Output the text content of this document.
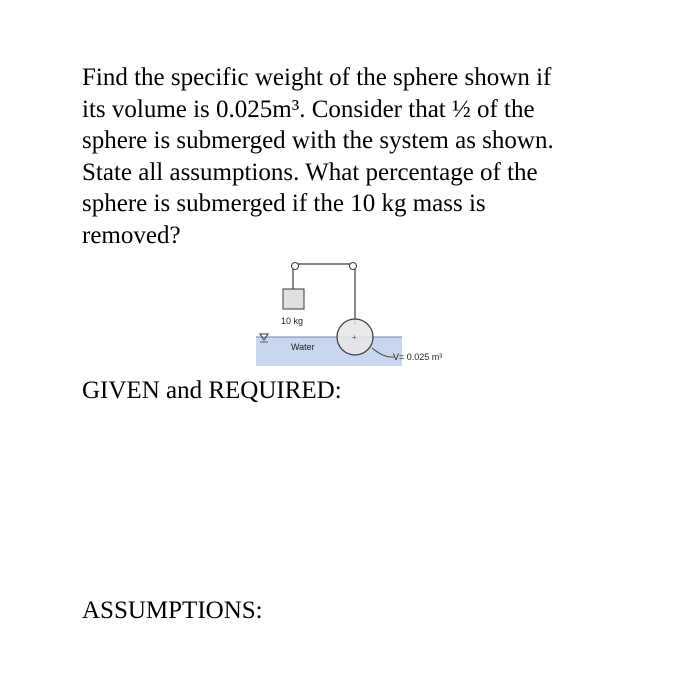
Find the specific weight of the sphere shown if
its volume is 0.025m³. Consider that ½ of the
sphere is submerged with the system as shown.
State all assumptions. What percentage of the
sphere is submerged if the 10 kg mass is
removed?
10 kg
+
Water
V= 0.025 m³
GIVEN and REQUIRED:
ASSUMPTIONS:
